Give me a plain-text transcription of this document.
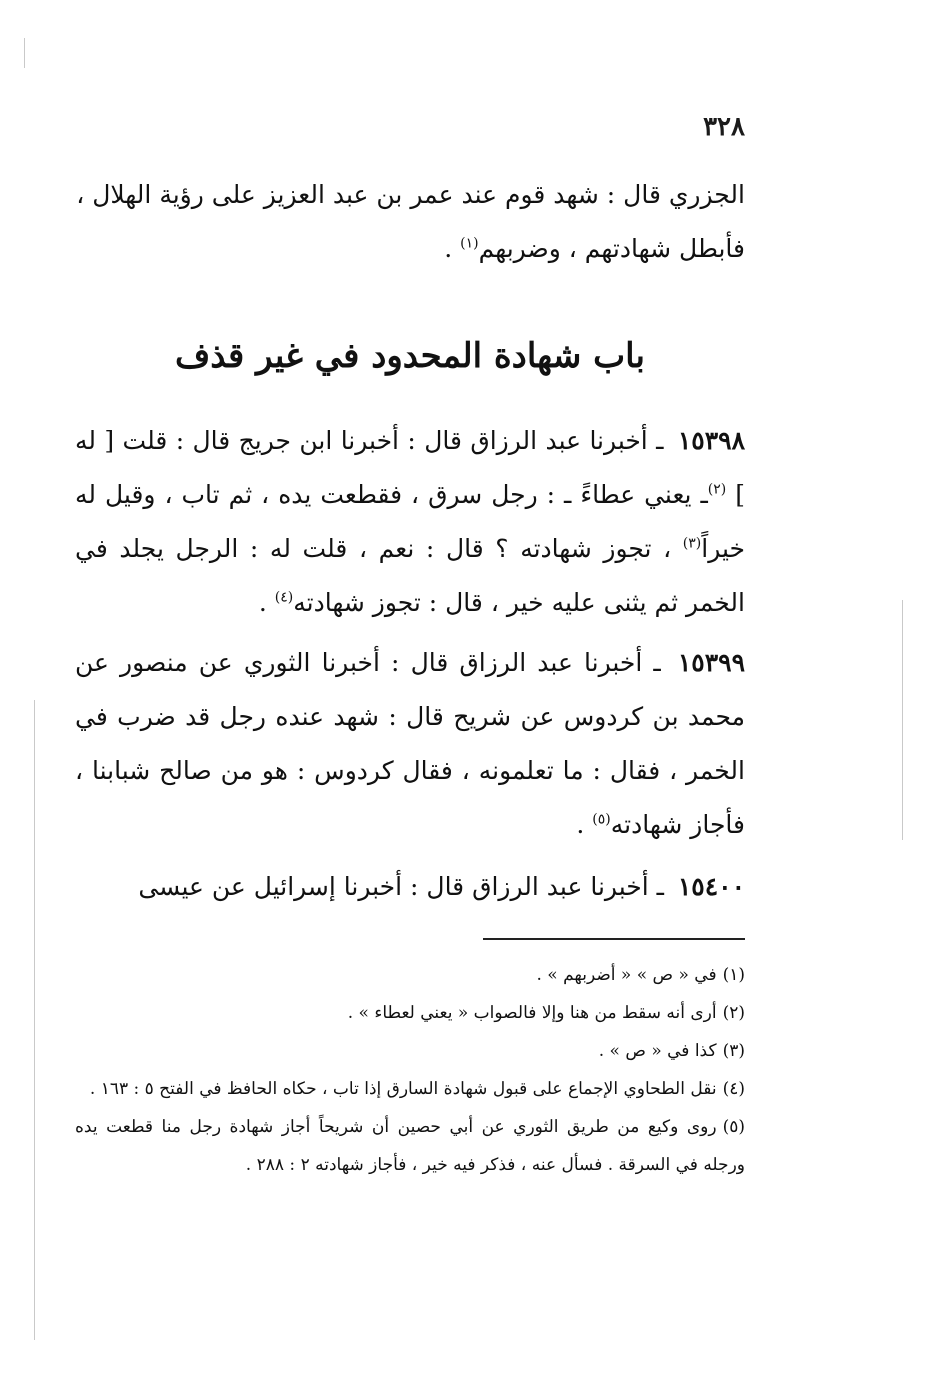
٣٢٨
الجزري قال : شهد قوم عند عمر بن عبد العزيز على رؤية الهلال ،
فأبطل شهادتهم ، وضربهم$^{(١)}$ .
باب شهادة المحدود في غير قذف

١٥٣٩٨ ـ أخبرنا عبد الرزاق قال : أخبرنا ابن جريج قال : قلت [ له ] $^{(٢)}$ـ يعني عطاءً ـ : رجل سرق ، فقطعت يده ، ثم تاب ، وقيل له خيراً$^{(٣)}$ ، تجوز شهادته ؟ قال : نعم ، قلت له : الرجل يجلد في الخمر ثم يثنى عليه خير ، قال : تجوز شهادته$^{(٤)}$ .

١٥٣٩٩ ـ أخبرنا عبد الرزاق قال : أخبرنا الثوري عن منصور عن محمد بن كردوس عن شريح قال : شهد عنده رجل قد ضرب في الخمر ، فقال : ما تعلمونه ، فقال كردوس : هو من صالح شبابنا ، فأجاز شهادته$^{(٥)}$ .

١٥٤٠٠ ـ أخبرنا عبد الرزاق قال : أخبرنا إسرائيل عن عيسى

(١)في « ص » « أضربهم » .

(٢)أرى أنه سقط من هنا وإلا فالصواب « يعني لعطاء » .

(٣)كذا في « ص » .

(٤)نقل الطحاوي الإجماع على قبول شهادة السارق إذا تاب ، حكاه الحافظ في الفتح ٥ : ١٦٣ .

(٥)روى وكيع من طريق الثوري عن أبي حصين أن شريحاً أجاز شهادة رجل منا قطعت يده ورجله في السرقة . فسأل عنه ، فذكر فيه خير ، فأجاز شهادته ٢ : ٢٨٨ .
